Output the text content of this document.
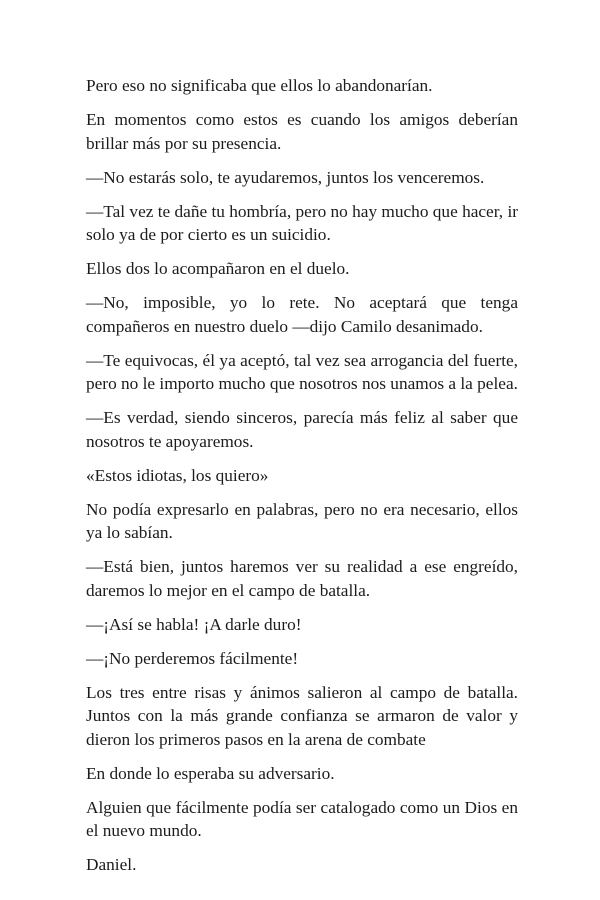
Pero eso no significaba que ellos lo abandonarían.

En momentos como estos es cuando los amigos deberían brillar más por su presencia.

—No estarás solo, te ayudaremos, juntos los venceremos.

—Tal vez te dañe tu hombría, pero no hay mucho que hacer, ir solo ya de por cierto es un suicidio.

Ellos dos lo acompañaron en el duelo.

—No, imposible, yo lo rete. No aceptará que tenga compañeros en nuestro duelo —dijo Camilo desanimado.

—Te equivocas, él ya aceptó, tal vez sea arrogancia del fuerte, pero no le importo mucho que nosotros nos unamos a la pelea.

—Es verdad, siendo sinceros, parecía más feliz al saber que nosotros te apoyaremos.

«Estos idiotas, los quiero»

No podía expresarlo en palabras, pero no era necesario, ellos ya lo sabían.

—Está bien, juntos haremos ver su realidad a ese engreído, daremos lo mejor en el campo de batalla.

—¡Así se habla! ¡A darle duro!

—¡No perderemos fácilmente!

Los tres entre risas y ánimos salieron al campo de batalla. Juntos con la más grande confianza se armaron de valor y dieron los primeros pasos en la arena de combate

En donde lo esperaba su adversario.

Alguien que fácilmente podía ser catalogado como un Dios en el nuevo mundo.

Daniel.
